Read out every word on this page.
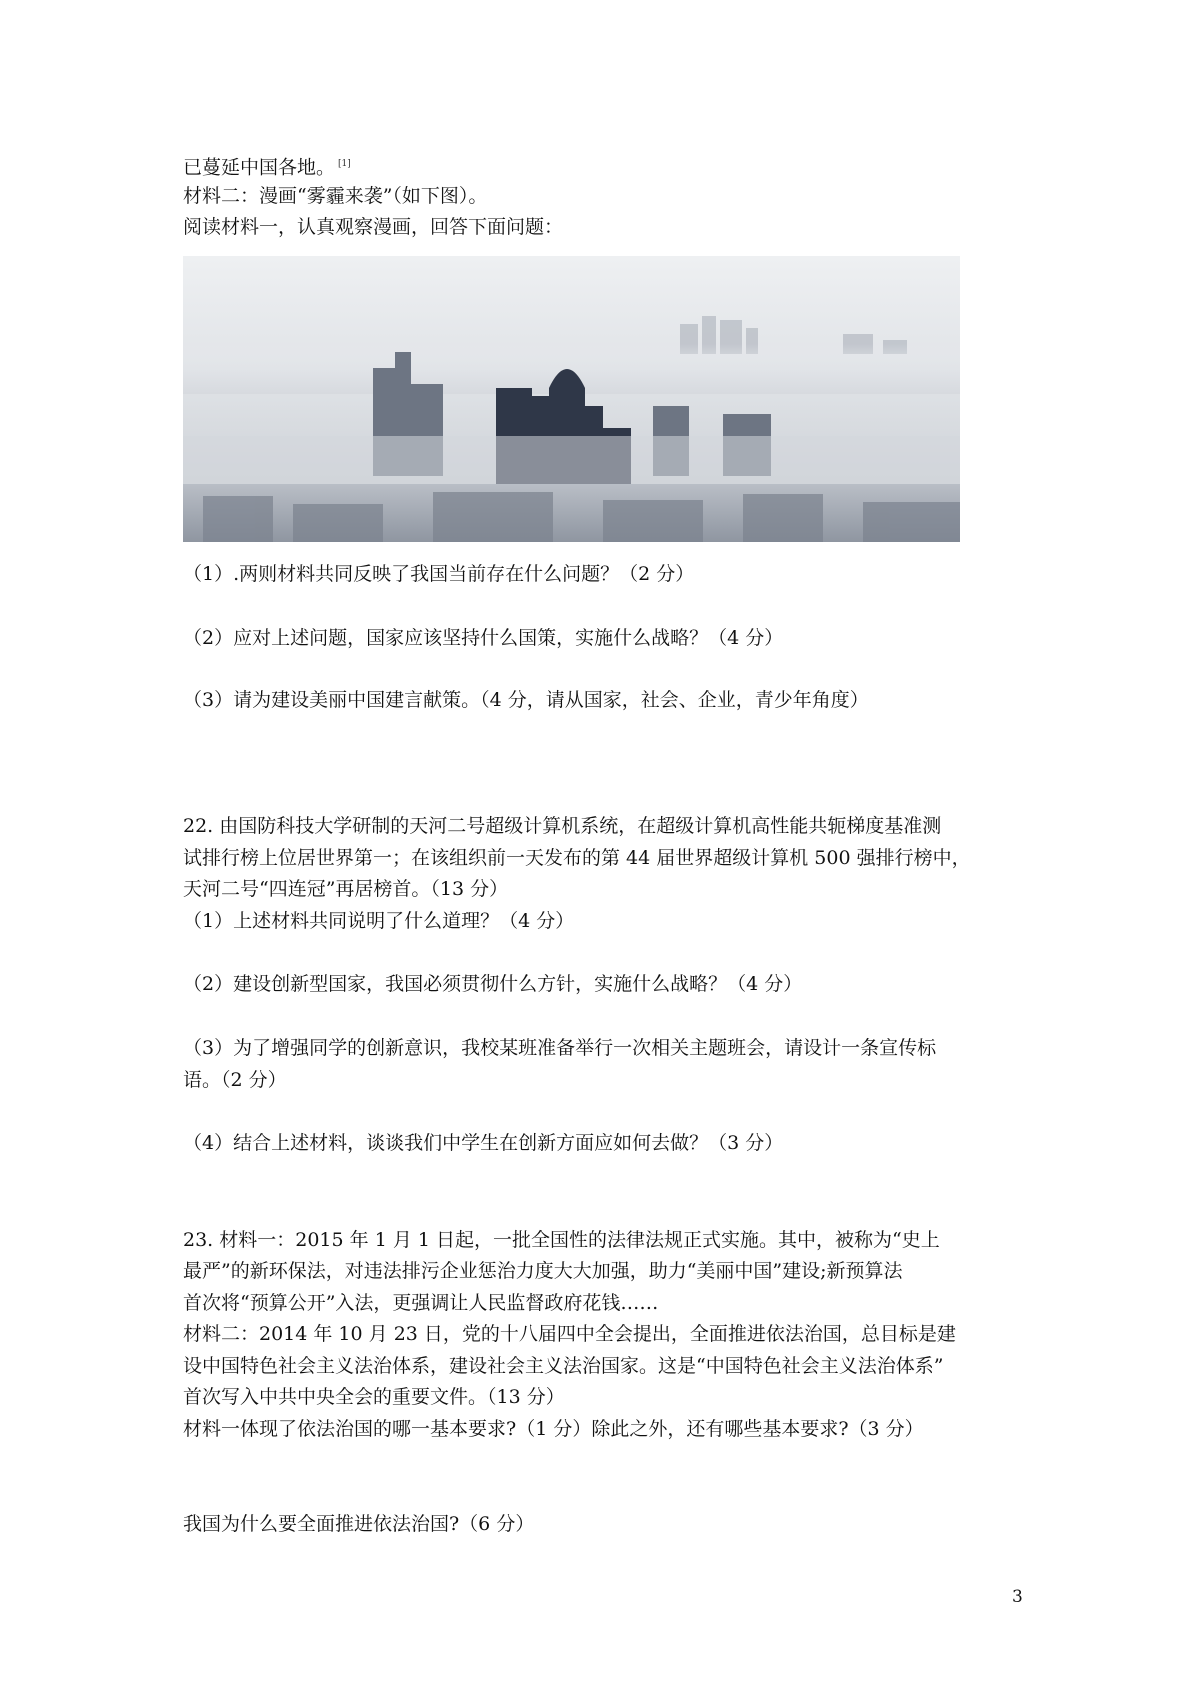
已蔓延中国各地。 [1]
材料二：漫画“雾霾来袭”（如下图）。
阅读材料一，认真观察漫画，回答下面问题：
（1）.两则材料共同反映了我国当前存在什么问题？（2 分）
（2）应对上述问题，国家应该坚持什么国策，实施什么战略？（4 分）
（3）请为建设美丽中国建言献策。（4 分，请从国家，社会、企业，青少年角度）
22. 由国防科技大学研制的天河二号超级计算机系统，在超级计算机高性能共轭梯度基准测
试排行榜上位居世界第一；在该组织前一天发布的第 44 届世界超级计算机 500 强排行榜中，
天河二号“四连冠”再居榜首。（13 分）
（1）上述材料共同说明了什么道理？（4 分）
（2）建设创新型国家，我国必须贯彻什么方针，实施什么战略？（4 分）
（3）为了增强同学的创新意识，我校某班准备举行一次相关主题班会，请设计一条宣传标
语。（2 分）
（4）结合上述材料，谈谈我们中学生在创新方面应如何去做？（3 分）
23. 材料一：2015 年 1 月 1 日起，一批全国性的法律法规正式实施。其中，被称为“史上
最严”的新环保法，对违法排污企业惩治力度大大加强，助力“美丽中国”建设;新预算法
首次将“预算公开”入法，更强调让人民监督政府花钱……
材料二：2014 年 10 月 23 日，党的十八届四中全会提出，全面推进依法治国，总目标是建
设中国特色社会主义法治体系，建设社会主义法治国家。这是“中国特色社会主义法治体系”
首次写入中共中央全会的重要文件。（13 分）
材料一体现了依法治国的哪一基本要求?（1 分）除此之外，还有哪些基本要求?（3 分）
我国为什么要全面推进依法治国?（6 分）
3
